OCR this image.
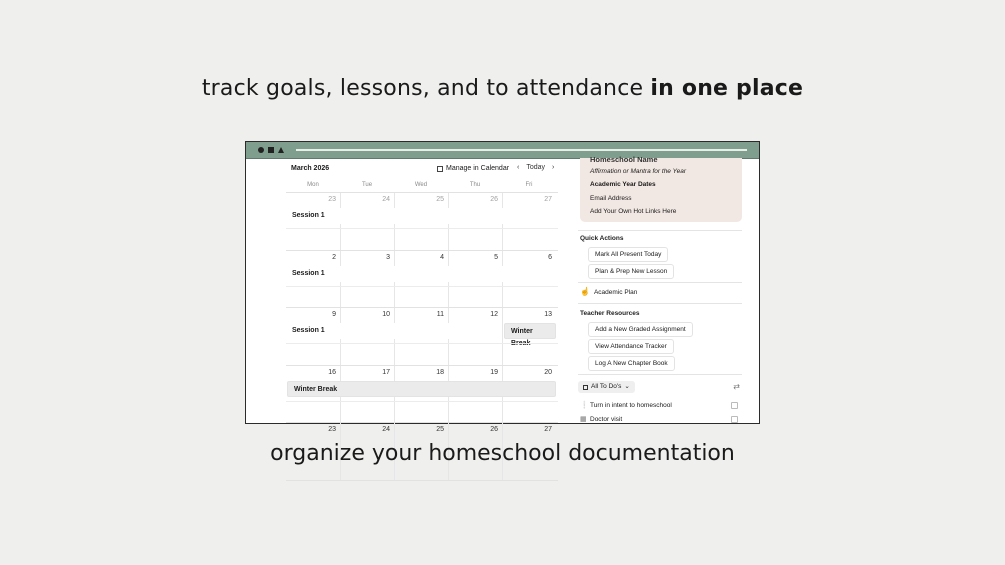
track goals, lessons, and to attendance in one place
March 2026	Manage in Calendar ‹ Today ›
Mon	Tue	Wed	Thu	Fri
23	24	25	26	27
Session 1
2	3	4	5	6
Session 1
9	10	11	12	13
Session 1	Winter Break
16	17	18	19	20
Winter Break
23	24	25	26	27
Homeschool Name
Affirmation or Mantra for the Year
Academic Year Dates
Email Address
Add Your Own Hot Links Here
Quick Actions
Mark All Present Today
Plan & Prep New Lesson
☝ Academic Plan
Teacher Resources
Add a New Graded Assignment
View Attendance Tracker
Log A New Chapter Book
All To Do's ⌄	⇄
❕ Turn in intent to homeschool
▦ Doctor visit
organize your homeschool documentation
